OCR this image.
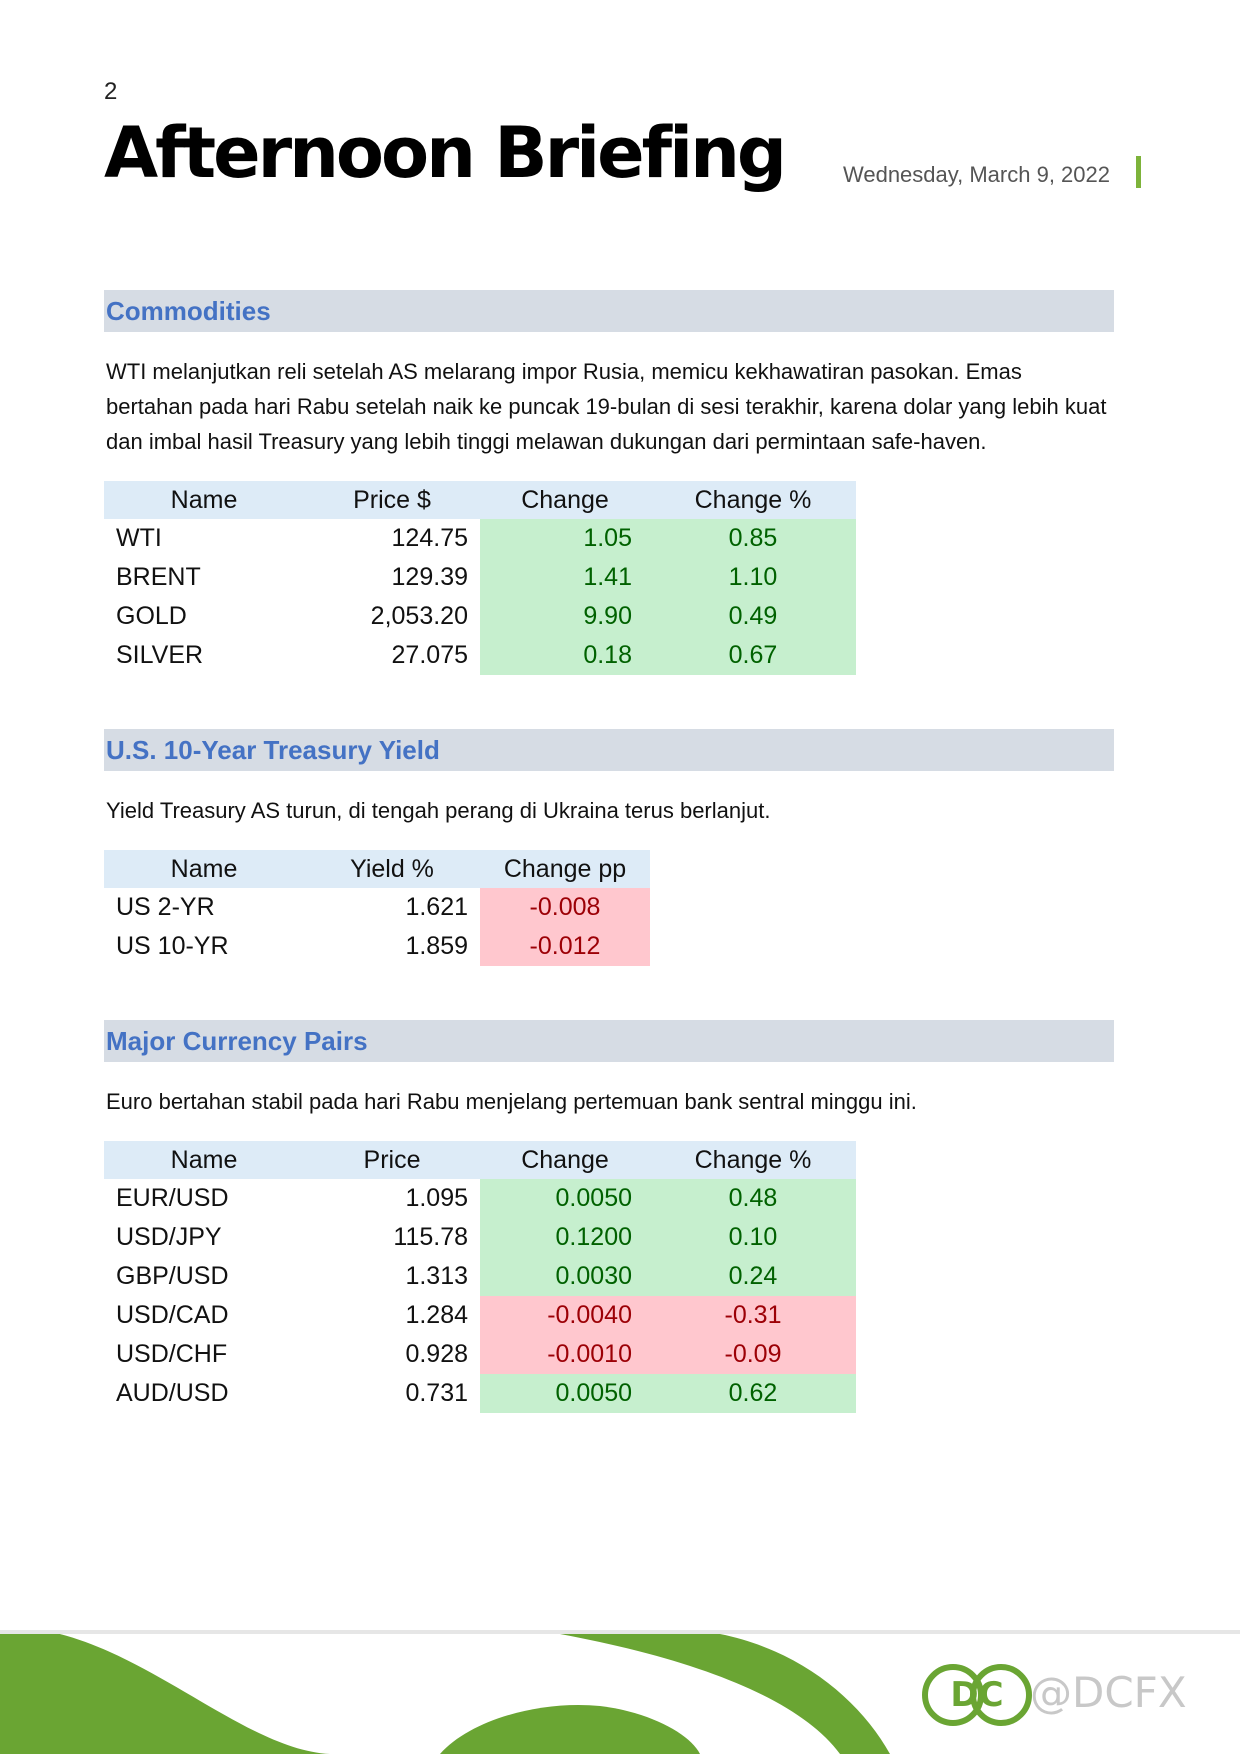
2
Afternoon Briefing	Wednesday, March 9, 2022
Commodities

WTI melanjutkan reli setelah AS melarang impor Rusia, memicu kekhawatiran pasokan. Emas bertahan pada hari Rabu setelah naik ke puncak 19-bulan di sesi terakhir, karena dolar yang lebih kuat dan imbal hasil Treasury yang lebih tinggi melawan dukungan dari permintaan safe-haven.

Name	Price $	Change	Change %
WTI	124.75	1.05	0.85
BRENT	129.39	1.41	1.10
GOLD	2,053.20	9.90	0.49
SILVER	27.075	0.18	0.67
U.S. 10-Year Treasury Yield

Yield Treasury AS turun, di tengah perang di Ukraina terus berlanjut.

Name	Yield %	Change pp
US 2-YR	1.621	-0.008
US 10-YR	1.859	-0.012
Major Currency Pairs

Euro bertahan stabil pada hari Rabu menjelang pertemuan bank sentral minggu ini.

Name	Price	Change	Change %
EUR/USD	1.095	0.0050	0.48
USD/JPY	115.78	0.1200	0.10
GBP/USD	1.313	0.0030	0.24
USD/CAD	1.284	-0.0040	-0.31
USD/CHF	0.928	-0.0010	-0.09
AUD/USD	0.731	0.0050	0.62
DC @DCFX
